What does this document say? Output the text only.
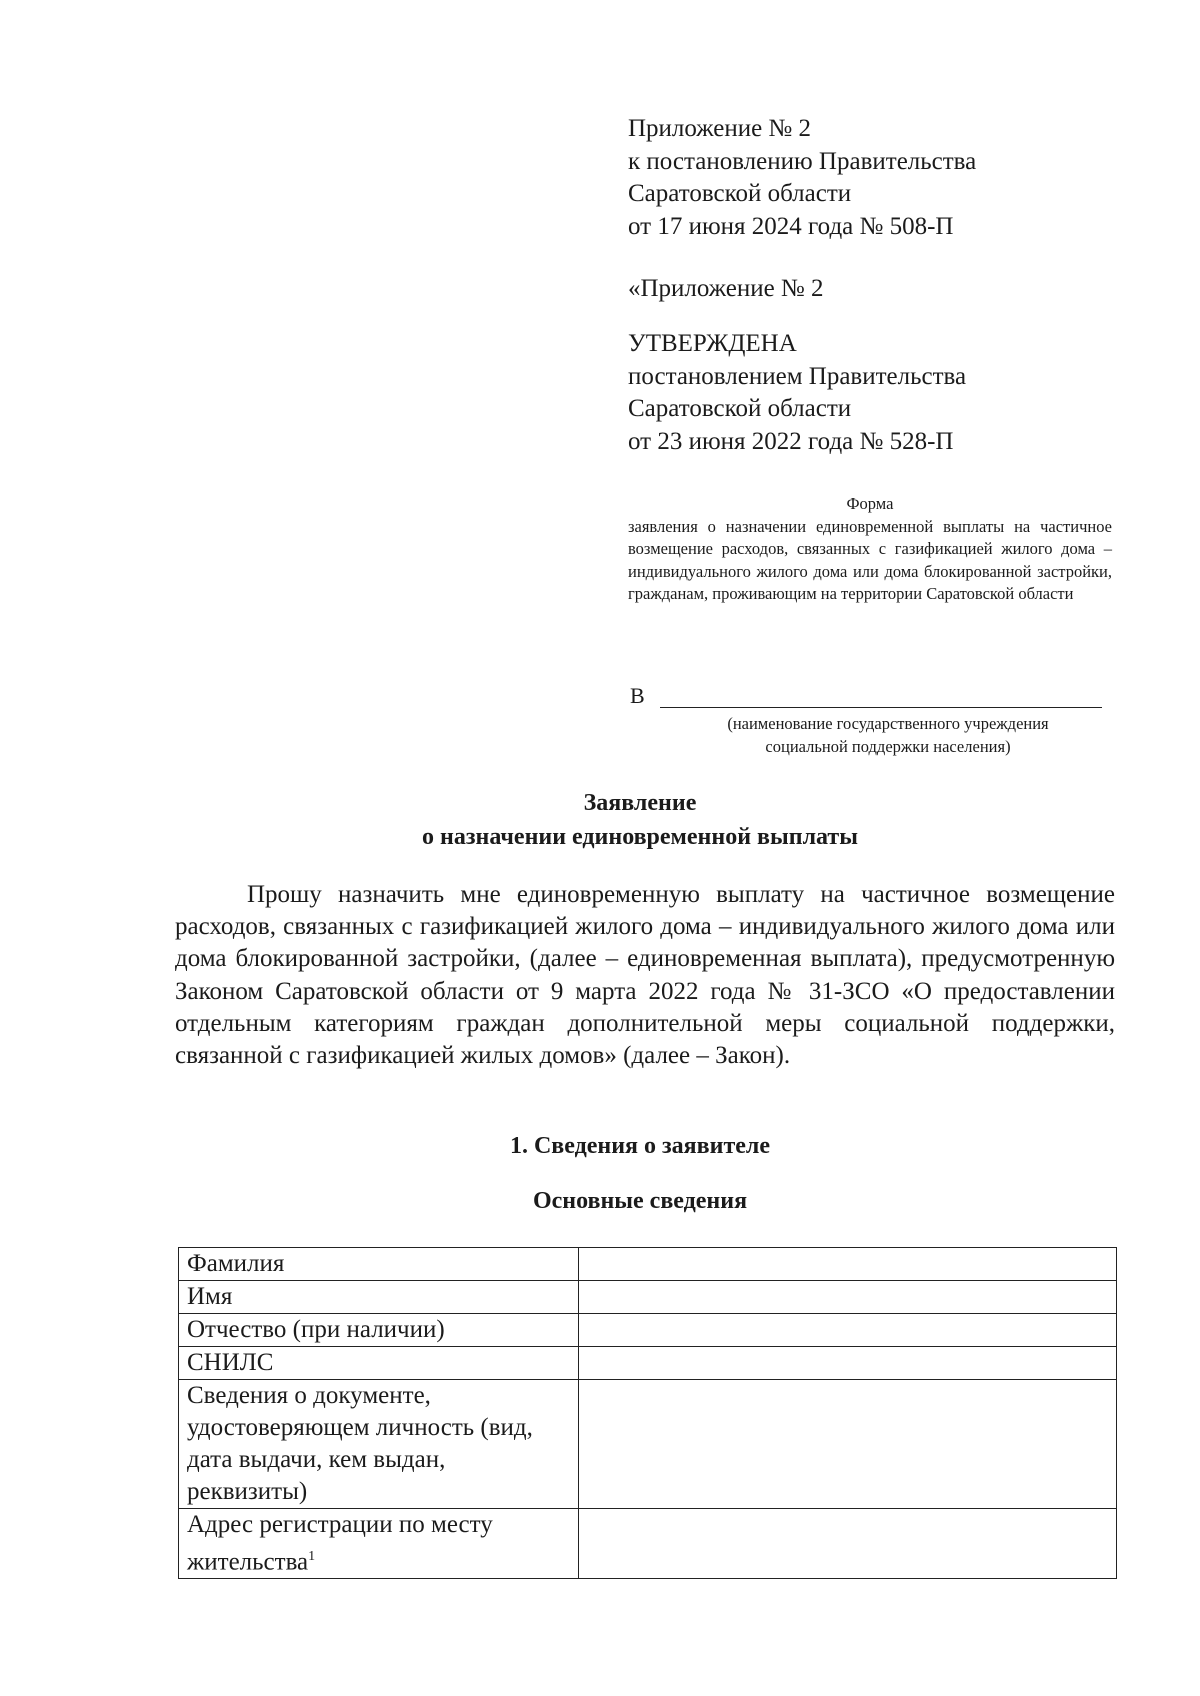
Приложение № 2
к постановлению Правительства
Саратовской области
от 17 июня 2024 года № 508-П
«Приложение № 2
УТВЕРЖДЕНА
постановлением Правительства
Саратовской области
от 23 июня 2022 года № 528-П
Форма
заявления о назначении единовременной выплаты на частичное возмещение расходов, связанных с газификацией жилого дома – индивидуального жилого дома или дома блокированной застройки, гражданам, проживающим на территории Саратовской области
В
(наименование государственного учреждения
социальной поддержки населения)
Заявление
о назначении единовременной выплаты
Прошу назначить мне единовременную выплату на частичное возмещение расходов, связанных с газификацией жилого дома – индивидуального жилого дома или дома блокированной застройки, (далее – единовременная выплата), предусмотренную Законом Саратовской области от 9 марта 2022 года № 31-ЗСО «О предоставлении отдельным категориям граждан дополнительной меры социальной поддержки, связанной с газификацией жилых домов» (далее – Закон).
1. Сведения о заявителе
Основные сведения
Фамилия	
Имя	
Отчество (при наличии)	
СНИЛС	
Сведения о документе, удостоверяющем личность (вид, дата выдачи, кем выдан, реквизиты)	
Адрес регистрации по месту жительства$^1$	
